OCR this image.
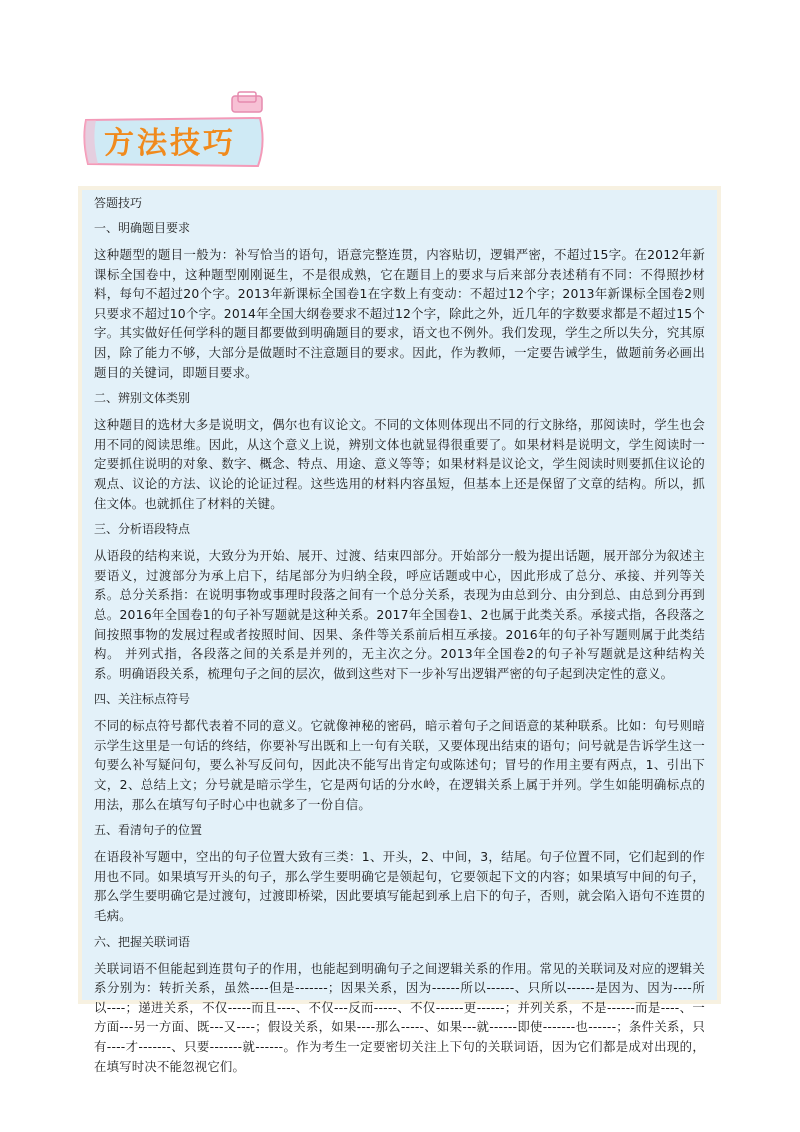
方法技巧

答题技巧

一、明确题目要求

这种题型的题目一般为：补写恰当的语句，语意完整连贯，内容贴切，逻辑严密，不超过15字。在2012年新课标全国卷中，这种题型刚刚诞生，不是很成熟，它在题目上的要求与后来部分表述稍有不同：不得照抄材料，每句不超过20个字。2013年新课标全国卷1在字数上有变动：不超过12个字；2013年新课标全国卷2则只要求不超过10个字。2014年全国大纲卷要求不超过12个字，除此之外，近几年的字数要求都是不超过15个字。其实做好任何学科的题目都要做到明确题目的要求，语文也不例外。我们发现，学生之所以失分，究其原因，除了能力不够，大部分是做题时不注意题目的要求。因此，作为教师，一定要告诫学生，做题前务必画出题目的关键词，即题目要求。

二、辨别文体类别

这种题目的选材大多是说明文，偶尔也有议论文。不同的文体则体现出不同的行文脉络，那阅读时，学生也会用不同的阅读思维。因此，从这个意义上说，辨别文体也就显得很重要了。如果材料是说明文，学生阅读时一定要抓住说明的对象、数字、概念、特点、用途、意义等等；如果材料是议论文，学生阅读时则要抓住议论的观点、议论的方法、议论的论证过程。这些选用的材料内容虽短，但基本上还是保留了文章的结构。所以，抓住文体。也就抓住了材料的关键。

三、分析语段特点

从语段的结构来说，大致分为开始、展开、过渡、结束四部分。开始部分一般为提出话题，展开部分为叙述主要语义，过渡部分为承上启下，结尾部分为归纳全段，呼应话题或中心，因此形成了总分、承接、并列等关系。总分关系指：在说明事物或事理时段落之间有一个总分关系，表现为由总到分、由分到总、由总到分再到总。2016年全国卷1的句子补写题就是这种关系。2017年全国卷1、2也属于此类关系。承接式指，各段落之间按照事物的发展过程或者按照时间、因果、条件等关系前后相互承接。2016年的句子补写题则属于此类结构。 并列式指，各段落之间的关系是并列的，无主次之分。2013年全国卷2的句子补写题就是这种结构关系。明确语段关系，梳理句子之间的层次，做到这些对下一步补写出逻辑严密的句子起到决定性的意义。

四、关注标点符号

不同的标点符号都代表着不同的意义。它就像神秘的密码，暗示着句子之间语意的某种联系。比如：句号则暗示学生这里是一句话的终结，你要补写出既和上一句有关联，又要体现出结束的语句；问号就是告诉学生这一句要么补写疑问句，要么补写反问句，因此决不能写出肯定句或陈述句；冒号的作用主要有两点，1、引出下文，2、总结上文；分号就是暗示学生，它是两句话的分水岭，在逻辑关系上属于并列。学生如能明确标点的用法，那么在填写句子时心中也就多了一份自信。

五、看清句子的位置

在语段补写题中，空出的句子位置大致有三类：1、开头，2、中间，3，结尾。句子位置不同，它们起到的作用也不同。如果填写开头的句子，那么学生要明确它是领起句，它要领起下文的内容；如果填写中间的句子，那么学生要明确它是过渡句，过渡即桥梁，因此要填写能起到承上启下的句子，否则，就会陷入语句不连贯的毛病。

六、把握关联词语

关联词语不但能起到连贯句子的作用，也能起到明确句子之间逻辑关系的作用。常见的关联词及对应的逻辑关系分别为：转折关系，虽然----但是-------；因果关系，因为------所以------、只所以------是因为、因为----所以----；递进关系，不仅-----而且----、不仅---反而-----、不仅------更------；并列关系，不是------而是----、一方面---另一方面、既---又----；假设关系，如果----那么-----、如果---就------即使-------也------；条件关系，只有----才-------、只要-------就------。作为考生一定要密切关注上下句的关联词语，因为它们都是成对出现的，在填写时决不能忽视它们。
